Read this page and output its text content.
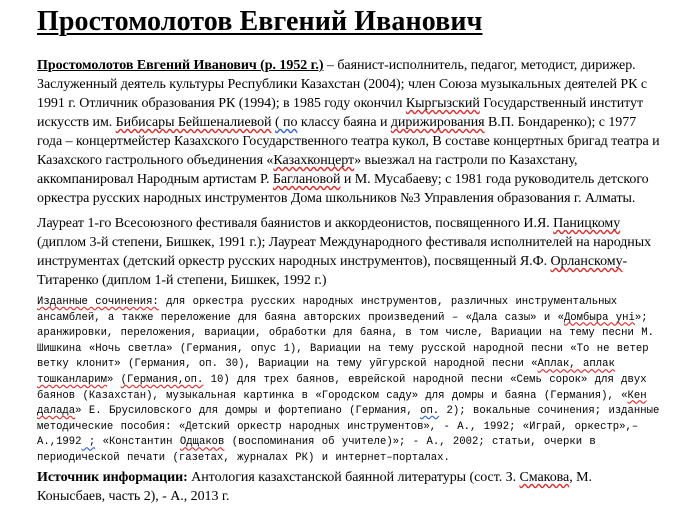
Простомолотов Евгений Иванович

Простомолотов Евгений Иванович (р. 1952 г.) – баянист-исполнитель, педагог, методист, дирижер. Заслуженный деятель культуры Республики Казахстан (2004); член Союза музыкальных деятелей РК с 1991 г. Отличник образования РК (1994); в 1985 году окончил Кыргызский Государственный институт искусств им. Бибисары Бейшеналиевой ( по классу баяна и дирижирования В.П. Бондаренко); с 1977 года – концертмейстер Казахского Государственного театра кукол, В составе концертных бригад театра и Казахского гастрольного объединения «Казахконцерт» выезжал на гастроли по Казахстану, аккомпанировал Народным артистам Р. Баглановой и М. Мусабаеву; с 1981 года руководитель детского оркестра русских народных инструментов Дома школьников №3 Управления образования г. Алматы.

Лауреат 1-го Всесоюзного фестиваля баянистов и аккордеонистов, посвященного И.Я. Паницкому (диплом 3-й степени, Бишкек, 1991 г.); Лауреат Международного фестиваля исполнителей на народных инструментах (детский оркестр русских народных инструментов), посвященный Я.Ф. Орланскому-Титаренко (диплом 1-й степени, Бишкек, 1992 г.)

Изданные сочинения: для оркестра русских народных инструментов, различных инструментальных ансамблей, а также переложение для баяна авторских произведений – «Дала сазы» и «Домбыра уні»; аранжировки, переложения, вариации, обработки для баяна, в том числе, Вариации на тему песни М. Шишкина «Ночь светла» (Германия, опус 1), Вариации на тему русской народной песни «То не ветер ветку клонит» (Германия, оп. 30), Вариации на тему уйгурской народной песни «Аплак, аплак тошканларим» (Германия,оп. 10) для трех баянов, еврейской народной песни «Семь сорок» для двух баянов (Казахстан), музыкальная картинка в «Городском саду» для домры и баяна (Германия), «Кен далада» Е. Брусиловского для домры и фортепиано (Германия, оп. 2); вокальные сочинения; изданные методические пособия: «Детский оркестр народных инструментов», - А., 1992; «Играй, оркестр»,– А.,1992 ; «Константин Одщаков (воспоминания об учителе)»; - А., 2002; статьи, очерки в периодической печати (газетах, журналах РК) и интернет–порталах.

Источник информации: Антология казахстанской баянной литературы (сост. З. Смакова, М. Конысбаев, часть 2), - А., 2013 г.
